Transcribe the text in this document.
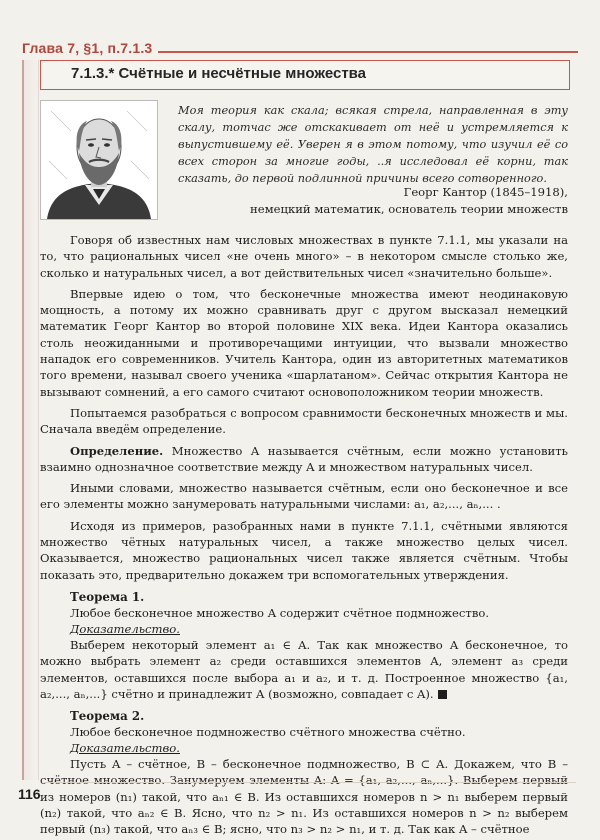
Глава 7, §1, п.7.1.3
7.1.3.* Счётные и несчётные множества
Моя теория как скала; всякая стрела, направленная в эту скалу, тотчас же отскакивает от неё и устремляется к выпустившему её. Уверен я в этом потому, что изучил её со всех сторон за многие годы, ..я исследовал её корни, так сказать, до первой подлинной причины всего сотворенного.
Георг Кантор (1845–1918),
немецкий математик, основатель теории множеств

Говоря об известных нам числовых множествах в пункте 7.1.1, мы указали на то, что рациональных чисел «не очень много» – в некотором смысле столько же, сколько и натуральных чисел, а вот действительных чисел «значительно больше».

Впервые идею о том, что бесконечные множества имеют неодинаковую мощность, а потому их можно сравнивать друг с другом высказал немецкий математик Георг Кантор во второй половине XIX века. Идеи Кантора оказались столь неожиданными и противоречащими интуиции, что вызвали множество нападок его современников. Учитель Кантора, один из авторитетных математиков того времени, называл своего ученика «шарлатаном». Сейчас открытия Кантора не вызывают сомнений, а его самого считают основоположником теории множеств.

Попытаемся разобраться с вопросом сравнимости бесконечных множеств и мы. Сначала введём определение.

Определение. Множество A называется счётным, если можно установить взаимно однозначное соответствие между A и множеством натуральных чисел.

Иными словами, множество называется счётным, если оно бесконечное и все его элементы можно занумеровать натуральными числами: a₁, a₂,..., aₙ,... .

Исходя из примеров, разобранных нами в пункте 7.1.1, счётными являются множество чётных натуральных чисел, а также множество целых чисел. Оказывается, множество рациональных чисел также является счётным. Чтобы показать это, предварительно докажем три вспомогательных утверждения.

Теорема 1.
Любое бесконечное множество A содержит счётное подмножество.
Доказательство.

Выберем некоторый элемент a₁ ∈ A. Так как множество A бесконечное, то можно выбрать элемент a₂ среди оставшихся элементов A, элемент a₃ среди элементов, оставшихся после выбора a₁ и a₂, и т. д. Построенное множество {a₁, a₂,..., aₙ,...} счётно и принадлежит A (возможно, совпадает с A).

Теорема 2.
Любое бесконечное подмножество счётного множества счётно.
Доказательство.

Пусть A – счётное, B – бесконечное подмножество, B ⊂ A. Докажем, что B – счётное множество. Занумеруем элементы A: A = {a₁, a₂,..., aₙ,...}. Выберем первый из номеров (n₁) такой, что aₙ₁ ∈ B. Из оставшихся номеров n > n₁ выберем первый (n₂) такой, что aₙ₂ ∈ B. Ясно, что n₂ > n₁. Из оставшихся номеров n > n₂ выберем первый (n₃) такой, что aₙ₃ ∈ B; ясно, что n₃ > n₂ > n₁, и т. д. Так как A – счётное

116
